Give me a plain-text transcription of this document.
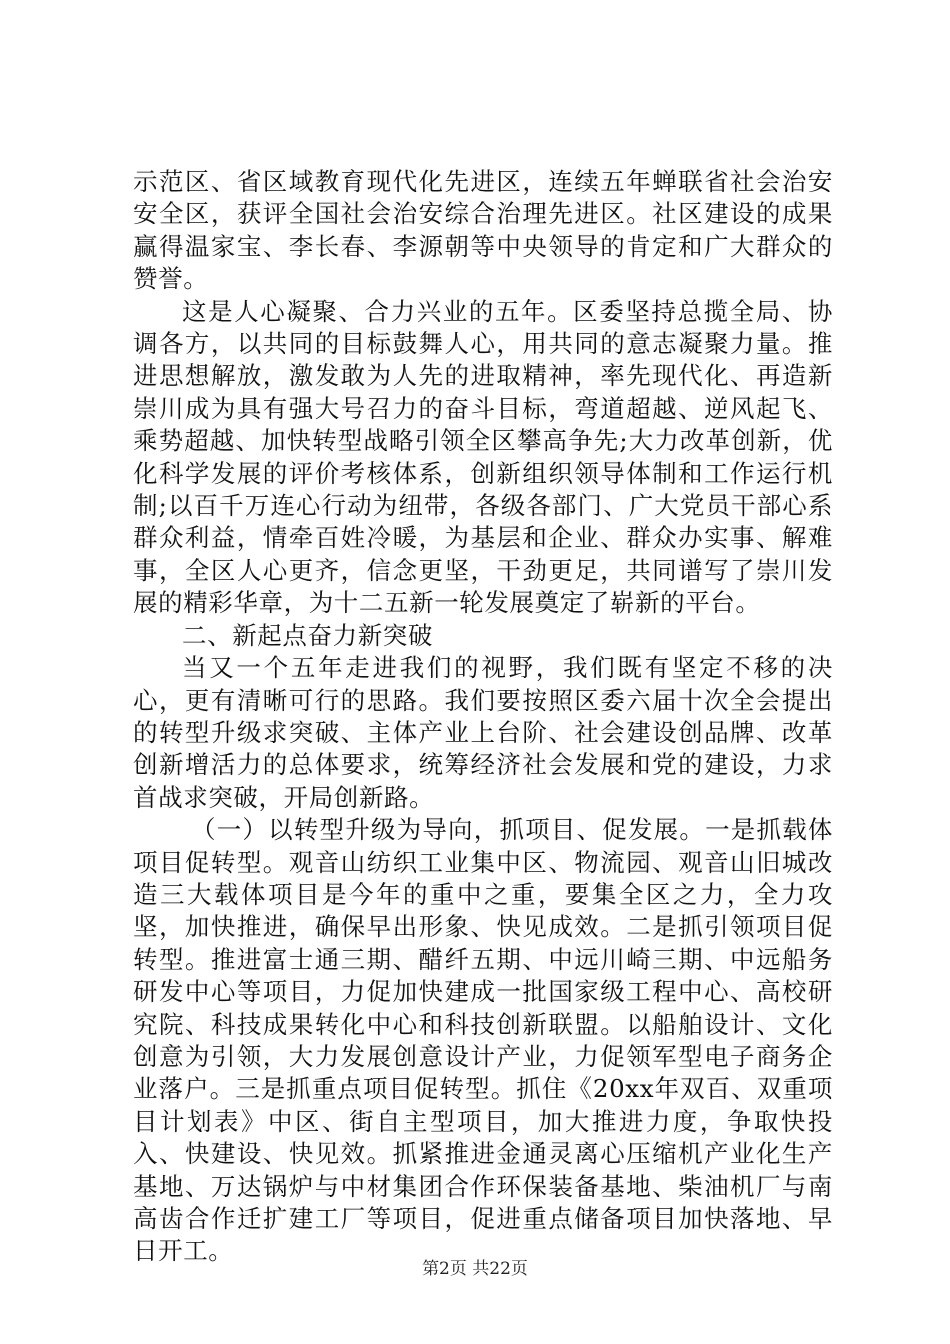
示范区、省区域教育现代化先进区，连续五年蝉联省社会治安安全区，获评全国社会治安综合治理先进区。社区建设的成果赢得温家宝、李长春、李源朝等中央领导的肯定和广大群众的赞誉。

这是人心凝聚、合力兴业的五年。区委坚持总揽全局、协调各方，以共同的目标鼓舞人心，用共同的意志凝聚力量。推进思想解放，激发敢为人先的进取精神，率先现代化、再造新崇川成为具有强大号召力的奋斗目标，弯道超越、逆风起飞、乘势超越、加快转型战略引领全区攀高争先;大力改革创新，优化科学发展的评价考核体系，创新组织领导体制和工作运行机制;以百千万连心行动为纽带，各级各部门、广大党员干部心系群众利益，情牵百姓冷暖，为基层和企业、群众办实事、解难事，全区人心更齐，信念更坚，干劲更足，共同谱写了崇川发展的精彩华章，为十二五新一轮发展奠定了崭新的平台。

二、新起点奋力新突破

当又一个五年走进我们的视野，我们既有坚定不移的决心，更有清晰可行的思路。我们要按照区委六届十次全会提出的转型升级求突破、主体产业上台阶、社会建设创品牌、改革创新增活力的总体要求，统筹经济社会发展和党的建设，力求首战求突破，开局创新路。

（一）以转型升级为导向，抓项目、促发展。一是抓载体项目促转型。观音山纺织工业集中区、物流园、观音山旧城改造三大载体项目是今年的重中之重，要集全区之力，全力攻坚，加快推进，确保早出形象、快见成效。二是抓引领项目促转型。推进富士通三期、醋纤五期、中远川崎三期、中远船务研发中心等项目，力促加快建成一批国家级工程中心、高校研究院、科技成果转化中心和科技创新联盟。以船舶设计、文化创意为引领，大力发展创意设计产业，力促领军型电子商务企业落户。三是抓重点项目促转型。抓住《20xx年双百、双重项目计划表》中区、街自主型项目，加大推进力度，争取快投入、快建设、快见效。抓紧推进金通灵离心压缩机产业化生产基地、万达锅炉与中材集团合作环保装备基地、柴油机厂与南高齿合作迁扩建工厂等项目，促进重点储备项目加快落地、早日开工。

第2页 共22页
